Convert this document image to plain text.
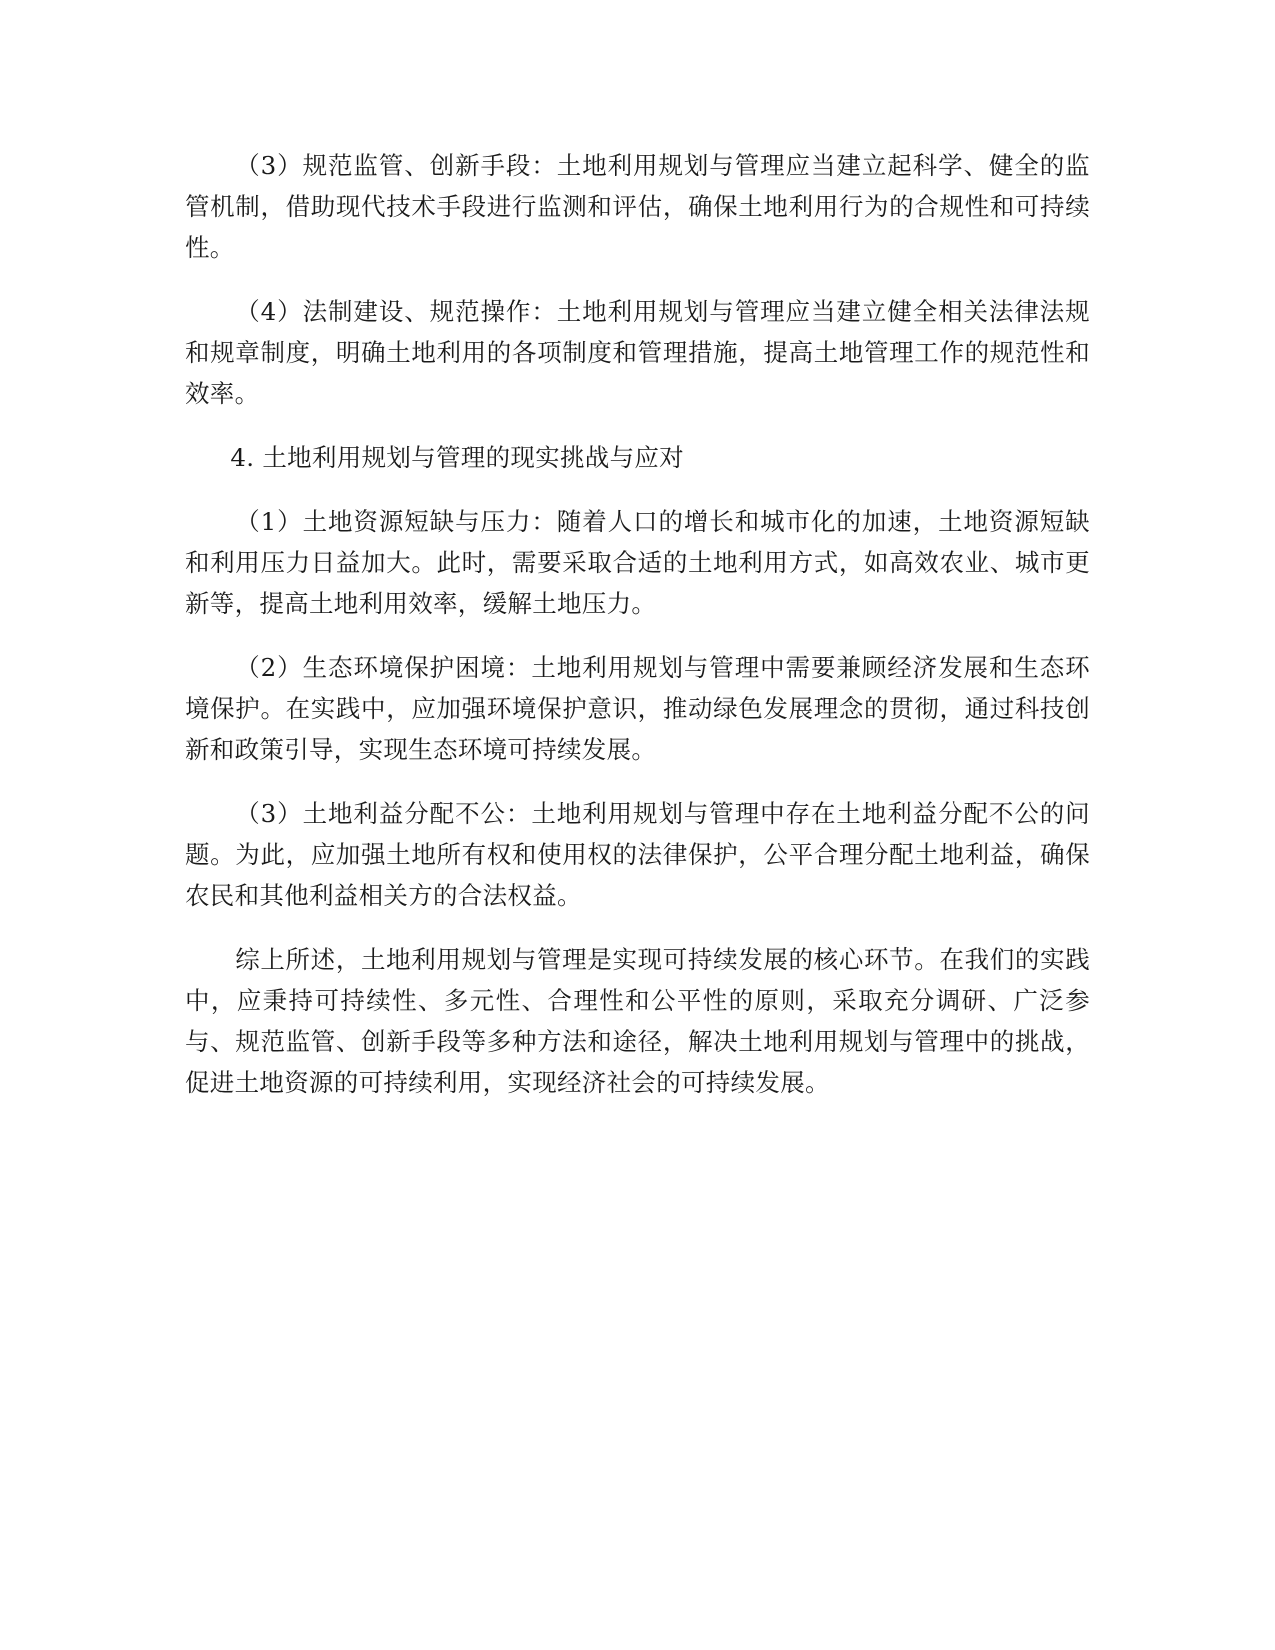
（3）规范监管、创新手段：土地利用规划与管理应当建立起科学、健全的监管机制，借助现代技术手段进行监测和评估，确保土地利用行为的合规性和可持续性。

（4）法制建设、规范操作：土地利用规划与管理应当建立健全相关法律法规和规章制度，明确土地利用的各项制度和管理措施，提高土地管理工作的规范性和效率。

4. 土地利用规划与管理的现实挑战与应对

（1）土地资源短缺与压力：随着人口的增长和城市化的加速，土地资源短缺和利用压力日益加大。此时，需要采取合适的土地利用方式，如高效农业、城市更新等，提高土地利用效率，缓解土地压力。

（2）生态环境保护困境：土地利用规划与管理中需要兼顾经济发展和生态环境保护。在实践中，应加强环境保护意识，推动绿色发展理念的贯彻，通过科技创新和政策引导，实现生态环境可持续发展。

（3）土地利益分配不公：土地利用规划与管理中存在土地利益分配不公的问题。为此，应加强土地所有权和使用权的法律保护，公平合理分配土地利益，确保农民和其他利益相关方的合法权益。

综上所述，土地利用规划与管理是实现可持续发展的核心环节。在我们的实践中，应秉持可持续性、多元性、合理性和公平性的原则，采取充分调研、广泛参与、规范监管、创新手段等多种方法和途径，解决土地利用规划与管理中的挑战，促进土地资源的可持续利用，实现经济社会的可持续发展。
